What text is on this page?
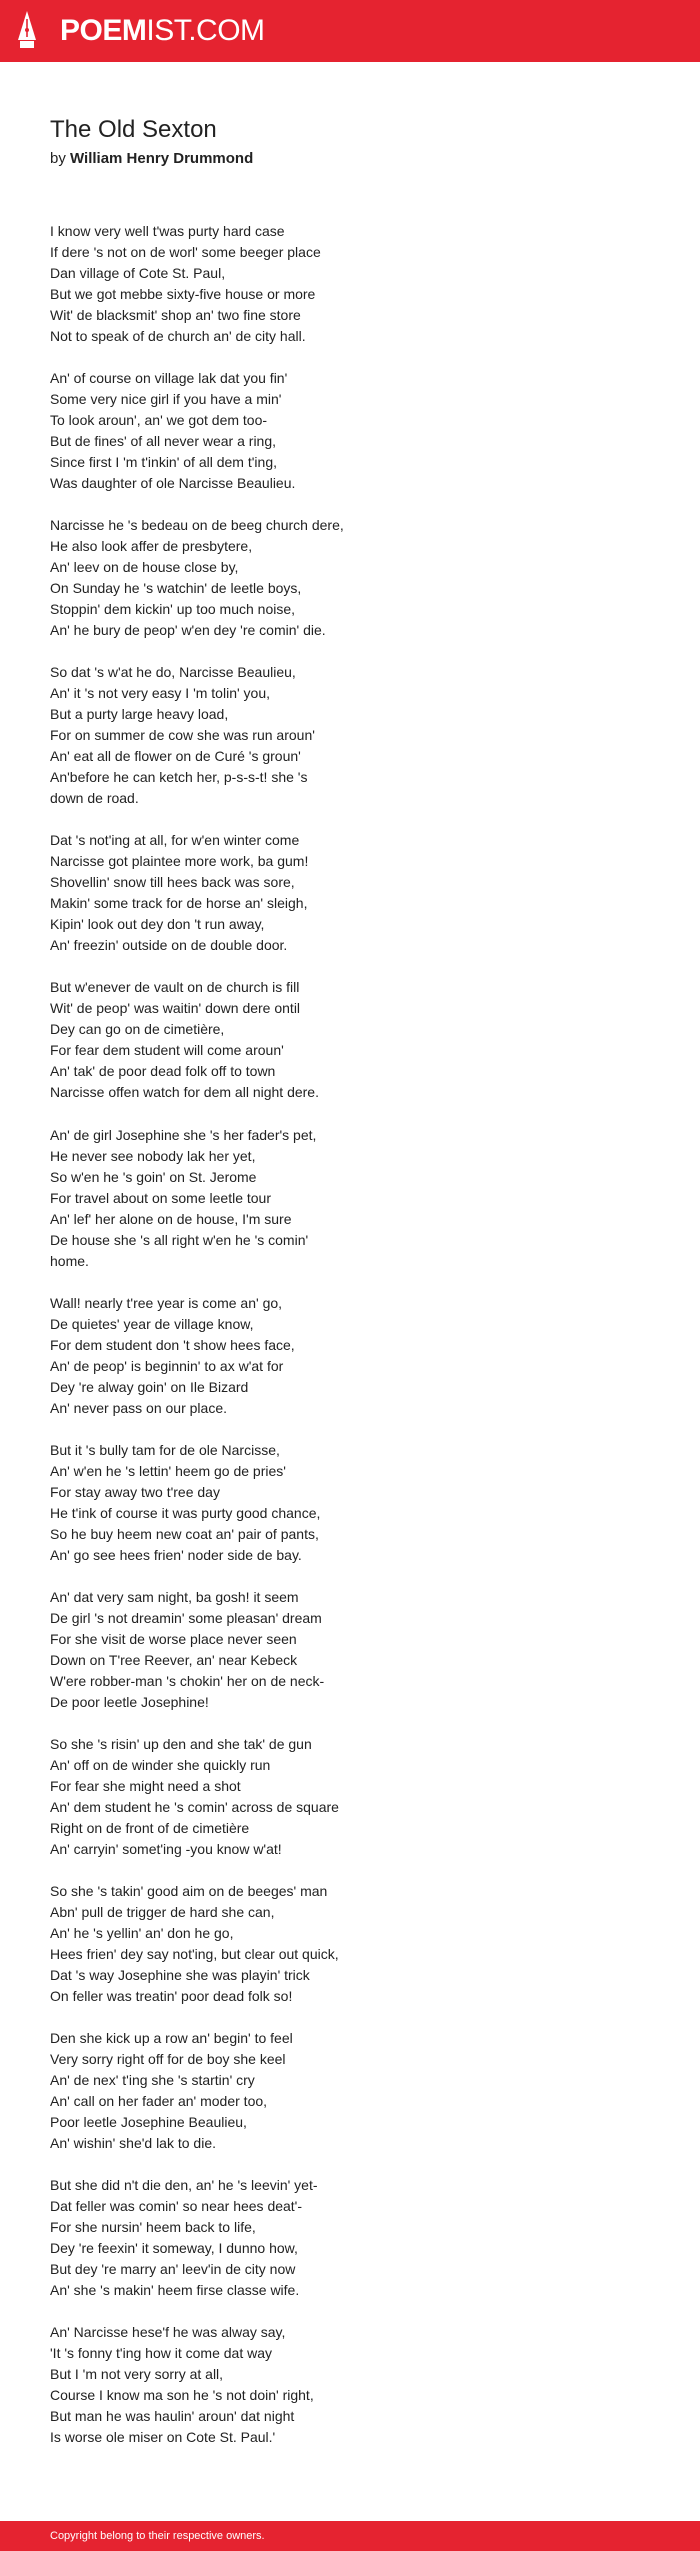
POEMIST.COM
The Old Sexton
by William Henry Drummond
I know very well t'was purty hard case
If dere 's not on de worl' some beeger place
Dan village of Cote St. Paul,
But we got mebbe sixty-five house or more
Wit' de blacksmit' shop an' two fine store
Not to speak of de church an' de city hall.
An' of course on village lak dat you fin'
Some very nice girl if you have a min'
To look aroun', an' we got dem too-
But de fines' of all never wear a ring,
Since first I 'm t'inkin' of all dem t'ing,
Was daughter of ole Narcisse Beaulieu.
Narcisse he 's bedeau on de beeg church dere,
He also look affer de presbytere,
An' leev on de house close by,
On Sunday he 's watchin' de leetle boys,
Stoppin' dem kickin' up too much noise,
An' he bury de peop' w'en dey 're comin' die.
So dat 's w'at he do, Narcisse Beaulieu,
An' it 's not very easy I 'm tolin' you,
But a purty large heavy load,
For on summer de cow she was run aroun'
An' eat all de flower on de Curé 's groun'
An'before he can ketch her, p-s-s-t! she 's
down de road.
Dat 's not'ing at all, for w'en winter come
Narcisse got plaintee more work, ba gum!
Shovellin' snow till hees back was sore,
Makin' some track for de horse an' sleigh,
Kipin' look out dey don 't run away,
An' freezin' outside on de double door.
But w'enever de vault on de church is fill
Wit' de peop' was waitin' down dere ontil
Dey can go on de cimetière,
For fear dem student will come aroun'
An' tak' de poor dead folk off to town
Narcisse offen watch for dem all night dere.
An' de girl Josephine she 's her fader's pet,
He never see nobody lak her yet,
So w'en he 's goin' on St. Jerome
For travel about on some leetle tour
An' lef' her alone on de house, I'm sure
De house she 's all right w'en he 's comin'
home.
Wall! nearly t'ree year is come an' go,
De quietes' year de village know,
For dem student don 't show hees face,
An' de peop' is beginnin' to ax w'at for
Dey 're alway goin' on Ile Bizard
An' never pass on our place.
But it 's bully tam for de ole Narcisse,
An' w'en he 's lettin' heem go de pries'
For stay away two t'ree day
He t'ink of course it was purty good chance,
So he buy heem new coat an' pair of pants,
An' go see hees frien' noder side de bay.
An' dat very sam night, ba gosh! it seem
De girl 's not dreamin' some pleasan' dream
For she visit de worse place never seen
Down on T'ree Reever, an' near Kebeck
W'ere robber-man 's chokin' her on de neck-
De poor leetle Josephine!
So she 's risin' up den and she tak' de gun
An' off on de winder she quickly run
For fear she might need a shot
An' dem student he 's comin' across de square
Right on de front of de cimetière
An' carryin' somet'ing -you know w'at!
So she 's takin' good aim on de beeges' man
Abn' pull de trigger de hard she can,
An' he 's yellin' an' don he go,
Hees frien' dey say not'ing, but clear out quick,
Dat 's way Josephine she was playin' trick
On feller was treatin' poor dead folk so!
Den she kick up a row an' begin' to feel
Very sorry right off for de boy she keel
An' de nex' t'ing she 's startin' cry
An' call on her fader an' moder too,
Poor leetle Josephine Beaulieu,
An' wishin' she'd lak to die.
But she did n't die den, an' he 's leevin' yet-
Dat feller was comin' so near hees deat'-
For she nursin' heem back to life,
Dey 're feexin' it someway, I dunno how,
But dey 're marry an' leev'in de city now
An' she 's makin' heem firse classe wife.
An' Narcisse hese'f he was alway say,
'It 's fonny t'ing how it come dat way
But I 'm not very sorry at all,
Course I know ma son he 's not doin' right,
But man he was haulin' aroun' dat night
Is worse ole miser on Cote St. Paul.'
Copyright belong to their respective owners.
